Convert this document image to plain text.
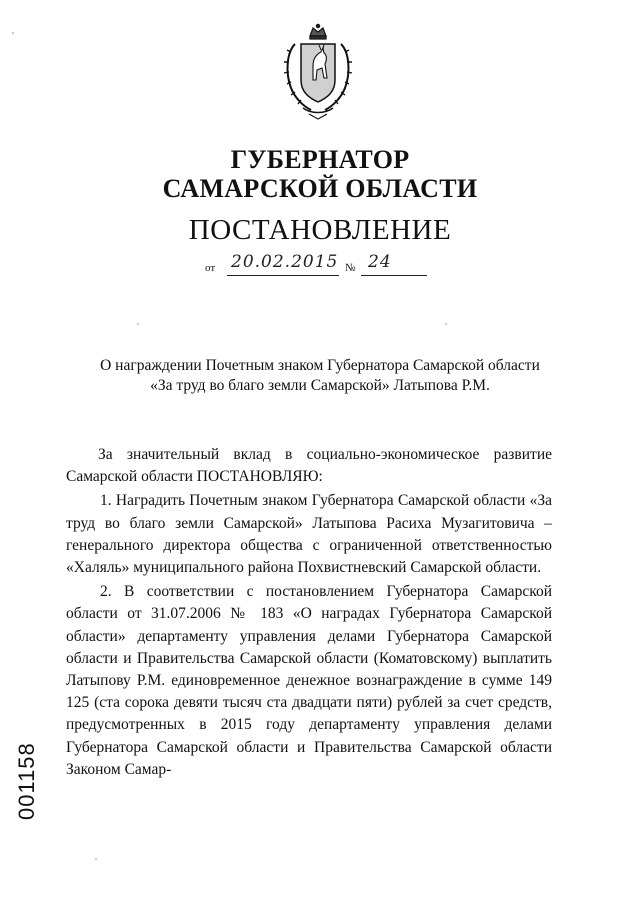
ГУБЕРНАТОР
САМАРСКОЙ ОБЛАСТИ
ПОСТАНОВЛЕНИЕ
от 20.02.2015 № 24
О награждении Почетным знаком Губернатора Самарской области
«За труд во благо земли Самарской» Латыпова Р.М.

За значительный вклад в социально-экономическое развитие Самарской области ПОСТАНОВЛЯЮ:

1. Наградить Почетным знаком Губернатора Самарской области «За труд во благо земли Самарской» Латыпова Расиха Музагитовича – генерального директора общества с ограниченной ответственностью «Халяль» муниципального района Похвистневский Самарской области.

2. В соответствии с постановлением Губернатора Самарской области от 31.07.2006 № 183 «О наградах Губернатора Самарской области» департаменту управления делами Губернатора Самарской области и Правительства Самарской области (Коматовскому) выплатить Латыпову Р.М. единовременное денежное вознаграждение в сумме 149 125 (ста сорока девяти тысяч ста двадцати пяти) рублей за счет средств, предусмотренных в 2015 году департаменту управления делами Губернатора Самарской области и Правительства Самарской области Законом Самар-

001158
